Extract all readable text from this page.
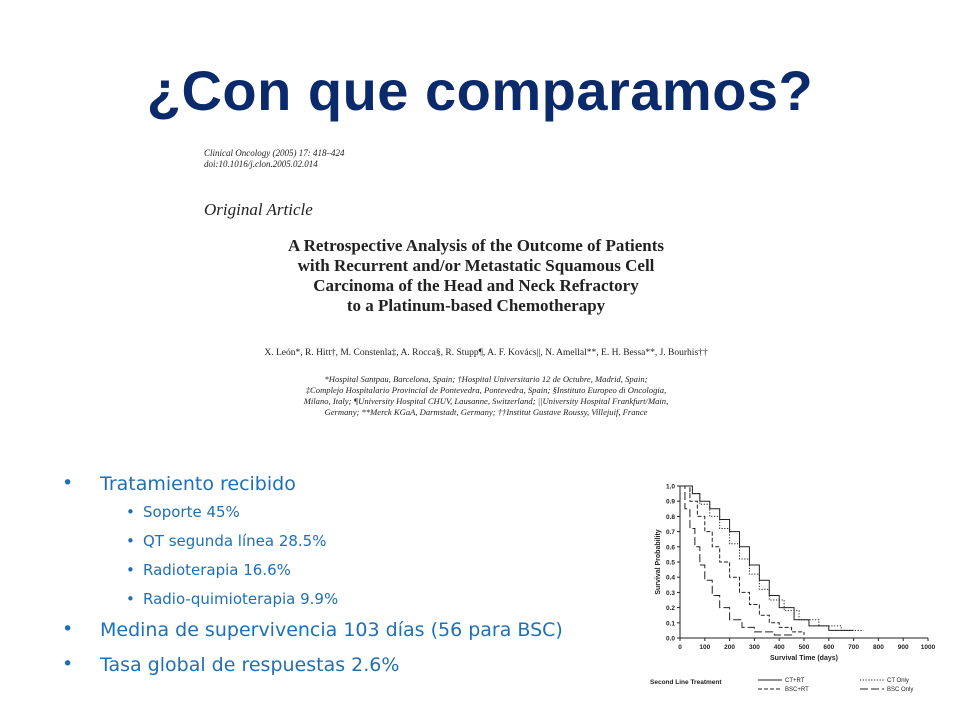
¿Con que comparamos?
Clinical Oncology (2005) 17: 418–424
doi:10.1016/j.clon.2005.02.014
Original Article
A Retrospective Analysis of the Outcome of Patients
with Recurrent and/or Metastatic Squamous Cell
Carcinoma of the Head and Neck Refractory
to a Platinum-based Chemotherapy
X. León*, R. Hitt†, M. Constenla‡, A. Rocca§, R. Stupp¶, A. F. Kovács||, N. Amellal**, E. H. Bessa**, J. Bourhis††
*Hospital Santpau, Barcelona, Spain; †Hospital Universitario 12 de Octubre, Madrid, Spain;
‡Complejo Hospitalario Provincial de Pontevedra, Pontevedra, Spain; §Instituto Europeo di Oncologia,
Milano, Italy; ¶University Hospital CHUV, Lausanne, Switzerland; ||University Hospital Frankfurt/Main,
Germany; **Merck KGaA, Darmstadt, Germany; ††Institut Gustave Roussy, Villejuif, France
• Tratamiento recibido
• Soporte 45%
• QT segunda línea 28.5%
• Radioterapia 16.6%
• Radio-quimioterapia 9.9%
• Medina de supervivencia 103 días (56 para BSC)
• Tasa global de respuestas 2.6%
0.0
0.1
0.2
0.3
0.4
0.5
0.6
0.7
0.8
0.9
1.0
0	100 200 300 400 500 600 700 800 900 1000
Survival Time (days)
Survival Probability
Second Line Treatment	CT+RT
BSC+RT
CT Only
BSC Only
